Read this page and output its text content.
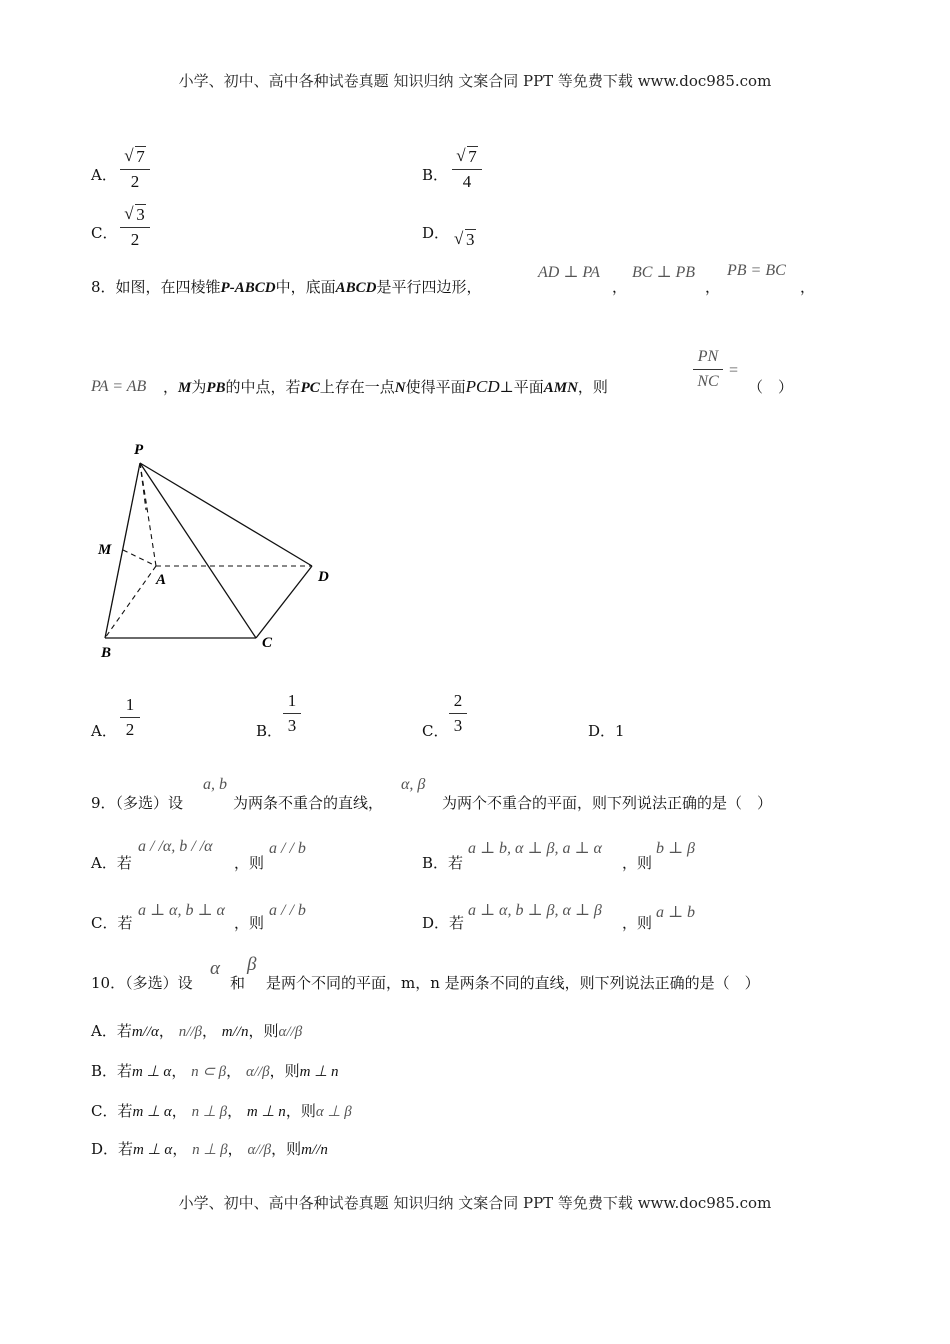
小学、初中、高中各种试卷真题 知识归纳 文案合同 PPT 等免费下载 www.doc985.com
小学、初中、高中各种试卷真题 知识归纳 文案合同 PPT 等免费下载 www.doc985.com
A．
√ 7
2	B．
√ 7
4
C．
√ 3
2	D． √ 3
8．如图，在四棱锥P-ABCD中，底面ABCD是平行四边形，
AD ⊥ PA
，
BC ⊥ PB
，
PB = BC
，
PA = AB ，M为PB的中点，若PC上存在一点N使得平面PCD⊥平面AMN，则
PN
NC
=
（　）
P
M
A	D
B
C
A．
1
2	B．
1
3	C．
2
3	D．1
9．（多选）设
a, b
为两条不重合的直线，
α, β
为两个不重合的平面，则下列说法正确的是（　）
A．若
a / /α, b / /α
，则
a / / b
B．若
a ⊥ b, α ⊥ β, a ⊥ α
，则
b ⊥ β
C．若
a ⊥ α, b ⊥ α
，则
a / / b
D．若
a ⊥ α, b ⊥ β, α ⊥ β
，则
a ⊥ b
10．（多选）设
α
和
β
是两个不同的平面，m，n 是两条不同的直线，则下列说法正确的是（　）
A．若m//α， n//β， m//n，则α//β
B．若m ⊥ α， n ⊂ β， α//β，则m ⊥ n
C．若m ⊥ α， n ⊥ β， m ⊥ n，则α ⊥ β
D．若m ⊥ α， n ⊥ β， α//β，则m//n
